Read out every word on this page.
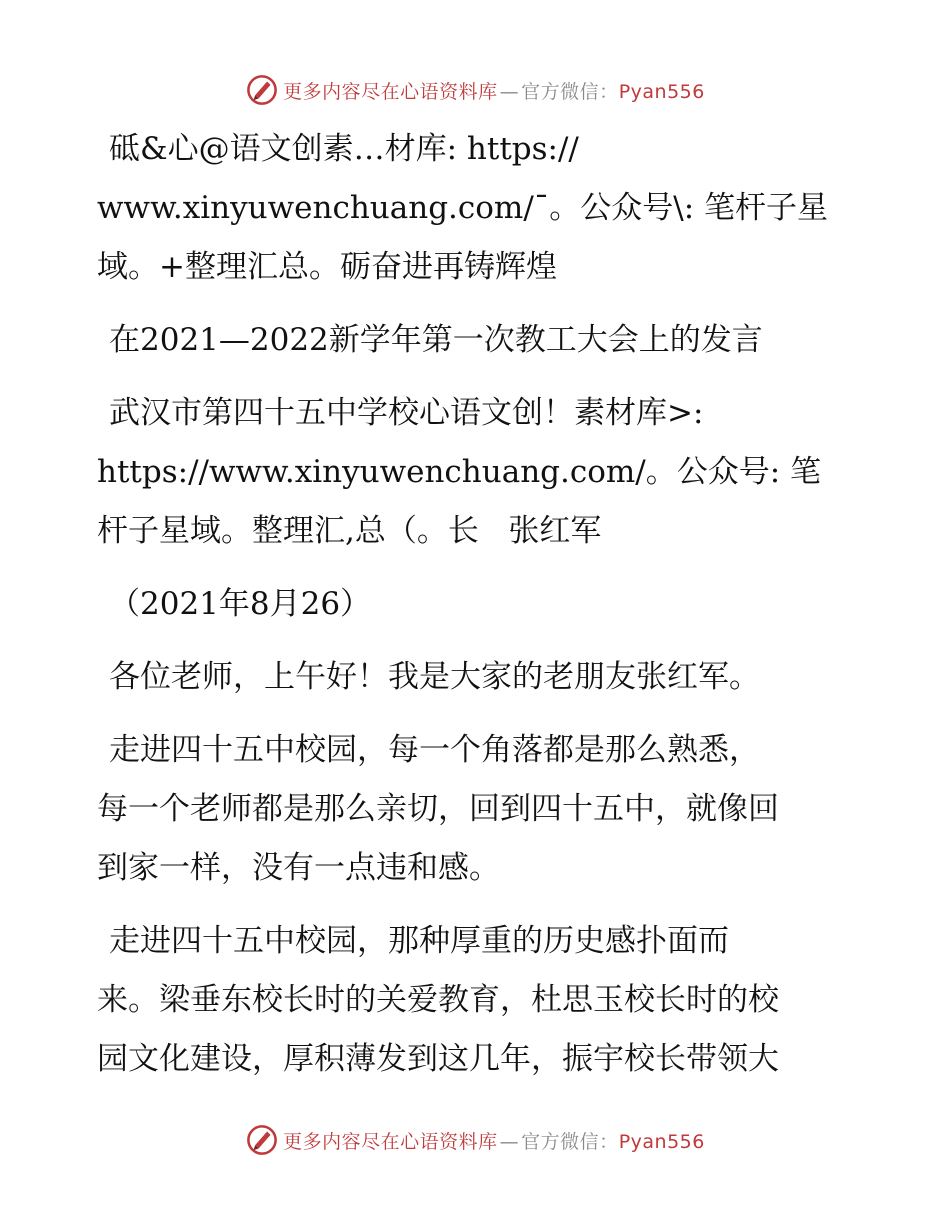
更多内容尽在心语资料库 — 官方微信：Pyan556
砥&心@语文创素…材库: https://
www.xinyuwenchuang.com/¯。公众号\: 笔杆子星
域。+整理汇总。砺奋进再铸辉煌
在2021—2022新学年第一次教工大会上的发言
武汉市第四十五中学校心语文创！素材库>:
https://www.xinyuwenchuang.com/。公众号: 笔
杆子星域。整理汇,总（。长   张红军
（2021年8月26）
各位老师，上午好！我是大家的老朋友张红军。
走进四十五中校园，每一个角落都是那么熟悉，
每一个老师都是那么亲切，回到四十五中，就像回
到家一样，没有一点违和感。
走进四十五中校园，那种厚重的历史感扑面而
来。梁垂东校长时的关爱教育，杜思玉校长时的校
园文化建设，厚积薄发到这几年，振宇校长带领大
更多内容尽在心语资料库 — 官方微信：Pyan556
